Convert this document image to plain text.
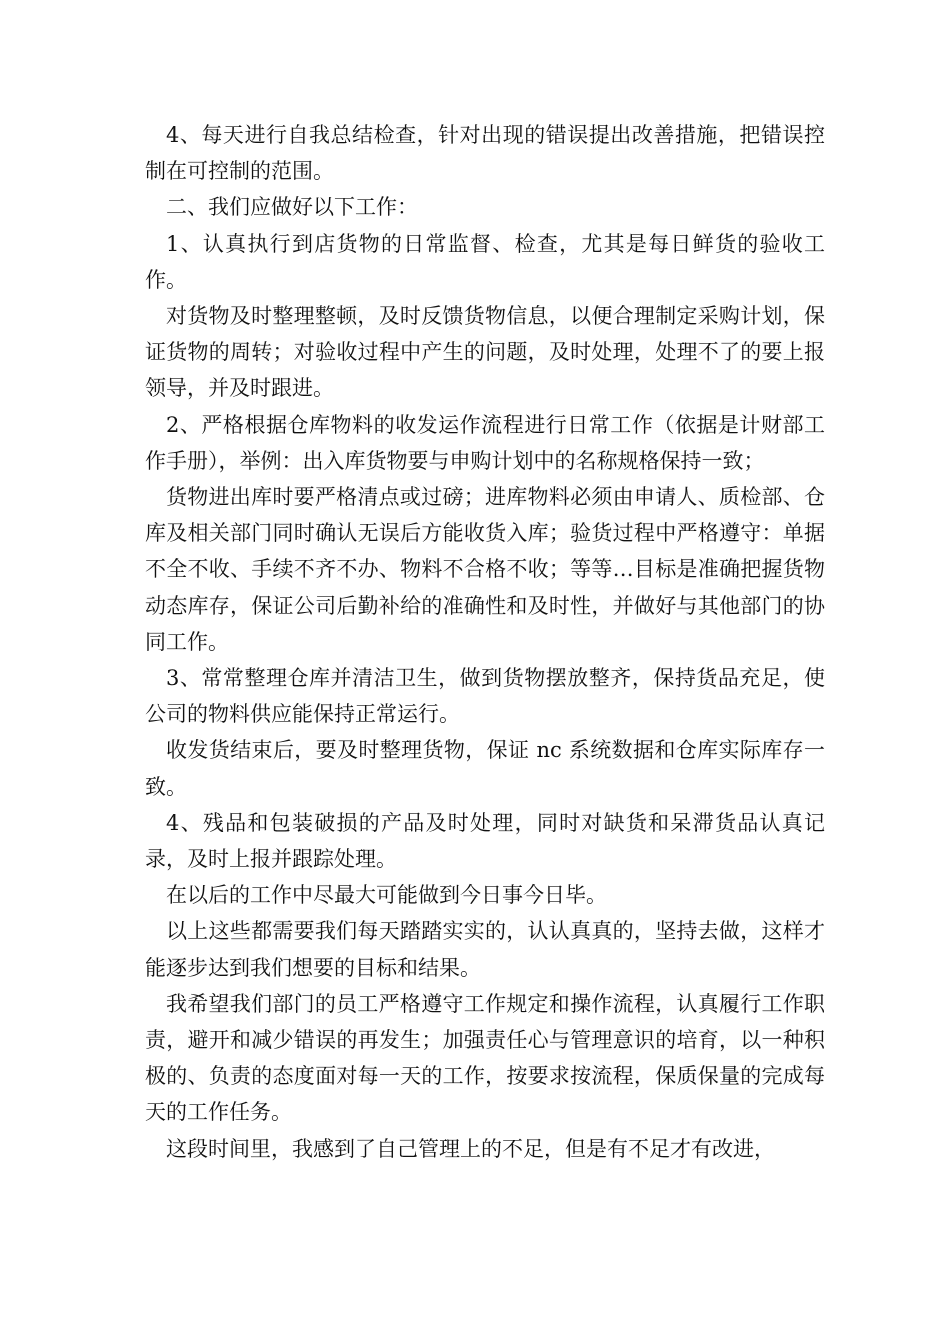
4、每天进行自我总结检查，针对出现的错误提出改善措施，把错误控制在可控制的范围。

二、我们应做好以下工作：

1、认真执行到店货物的日常监督、检查，尤其是每日鲜货的验收工作。

对货物及时整理整顿，及时反馈货物信息，以便合理制定采购计划，保证货物的周转；对验收过程中产生的问题，及时处理，处理不了的要上报领导，并及时跟进。

2、严格根据仓库物料的收发运作流程进行日常工作（依据是计财部工作手册），举例：出入库货物要与申购计划中的名称规格保持一致；

货物进出库时要严格清点或过磅；进库物料必须由申请人、质检部、仓库及相关部门同时确认无误后方能收货入库；验货过程中严格遵守：单据不全不收、手续不齐不办、物料不合格不收；等等…目标是准确把握货物动态库存，保证公司后勤补给的准确性和及时性，并做好与其他部门的协同工作。

3、常常整理仓库并清洁卫生，做到货物摆放整齐，保持货品充足，使公司的物料供应能保持正常运行。

收发货结束后，要及时整理货物，保证 nc 系统数据和仓库实际库存一致。

4、残品和包装破损的产品及时处理，同时对缺货和呆滞货品认真记录，及时上报并跟踪处理。

在以后的工作中尽最大可能做到今日事今日毕。

以上这些都需要我们每天踏踏实实的，认认真真的，坚持去做，这样才能逐步达到我们想要的目标和结果。

我希望我们部门的员工严格遵守工作规定和操作流程，认真履行工作职责，避开和减少错误的再发生；加强责任心与管理意识的培育，以一种积极的、负责的态度面对每一天的工作，按要求按流程，保质保量的完成每天的工作任务。

这段时间里，我感到了自己管理上的不足，但是有不足才有改进，
